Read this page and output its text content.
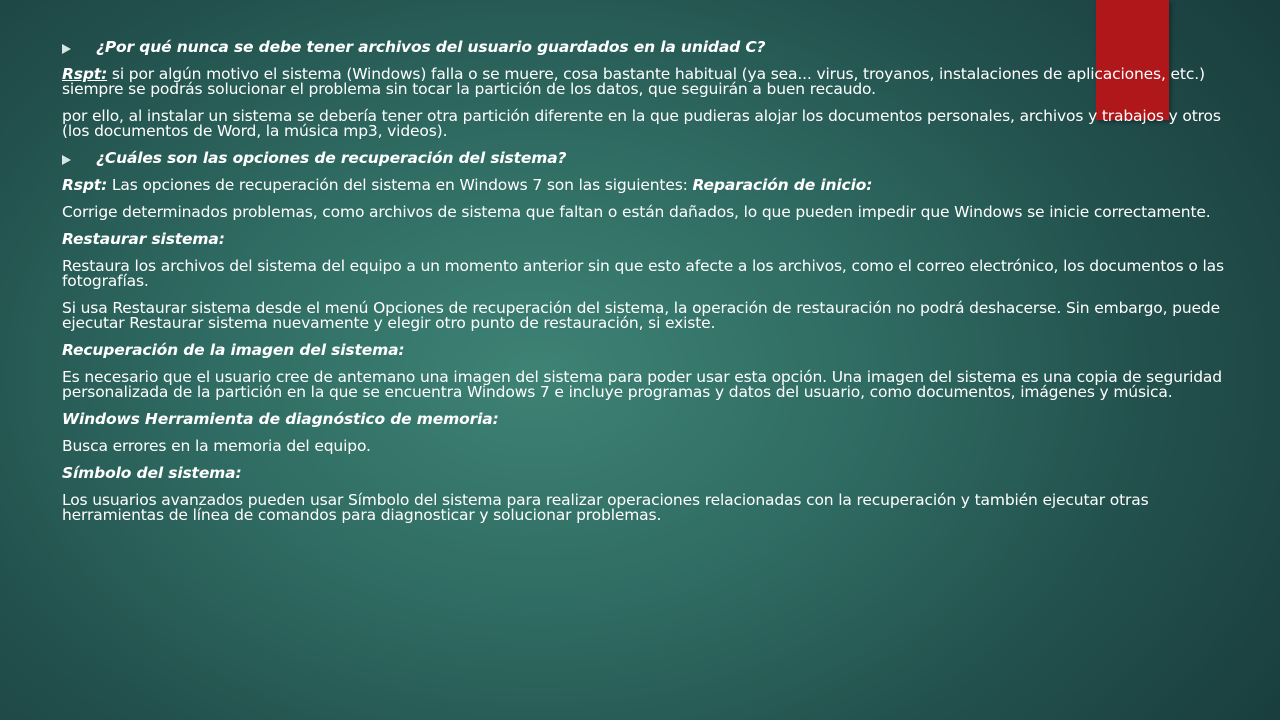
¿Por qué nunca se debe tener archivos del usuario guardados en la unidad C?

Rspt: si por algún motivo el sistema (Windows) falla o se muere, cosa bastante habitual (ya sea... virus, troyanos, instalaciones de aplicaciones, etc.) siempre se podrás solucionar el problema sin tocar la partición de los datos, que seguirán a buen recaudo.

por ello, al instalar un sistema se debería tener otra partición diferente en la que pudieras alojar los documentos personales, archivos y trabajos y otros (los documentos de Word, la música mp3, videos).

¿Cuáles son las opciones de recuperación del sistema?

Rspt: Las opciones de recuperación del sistema en Windows 7 son las siguientes: Reparación de inicio:

Corrige determinados problemas, como archivos de sistema que faltan o están dañados, lo que pueden impedir que Windows se inicie correctamente.

Restaurar sistema:

Restaura los archivos del sistema del equipo a un momento anterior sin que esto afecte a los archivos, como el correo electrónico, los documentos o las fotografías.

Si usa Restaurar sistema desde el menú Opciones de recuperación del sistema, la operación de restauración no podrá deshacerse. Sin embargo, puede ejecutar Restaurar sistema nuevamente y elegir otro punto de restauración, si existe.

Recuperación de la imagen del sistema:

Es necesario que el usuario cree de antemano una imagen del sistema para poder usar esta opción. Una imagen del sistema es una copia de seguridad personalizada de la partición en la que se encuentra Windows 7 e incluye programas y datos del usuario, como documentos, imágenes y música.

Windows Herramienta de diagnóstico de memoria:

Busca errores en la memoria del equipo.

Símbolo del sistema:

Los usuarios avanzados pueden usar Símbolo del sistema para realizar operaciones relacionadas con la recuperación y también ejecutar otras herramientas de línea de comandos para diagnosticar y solucionar problemas.
